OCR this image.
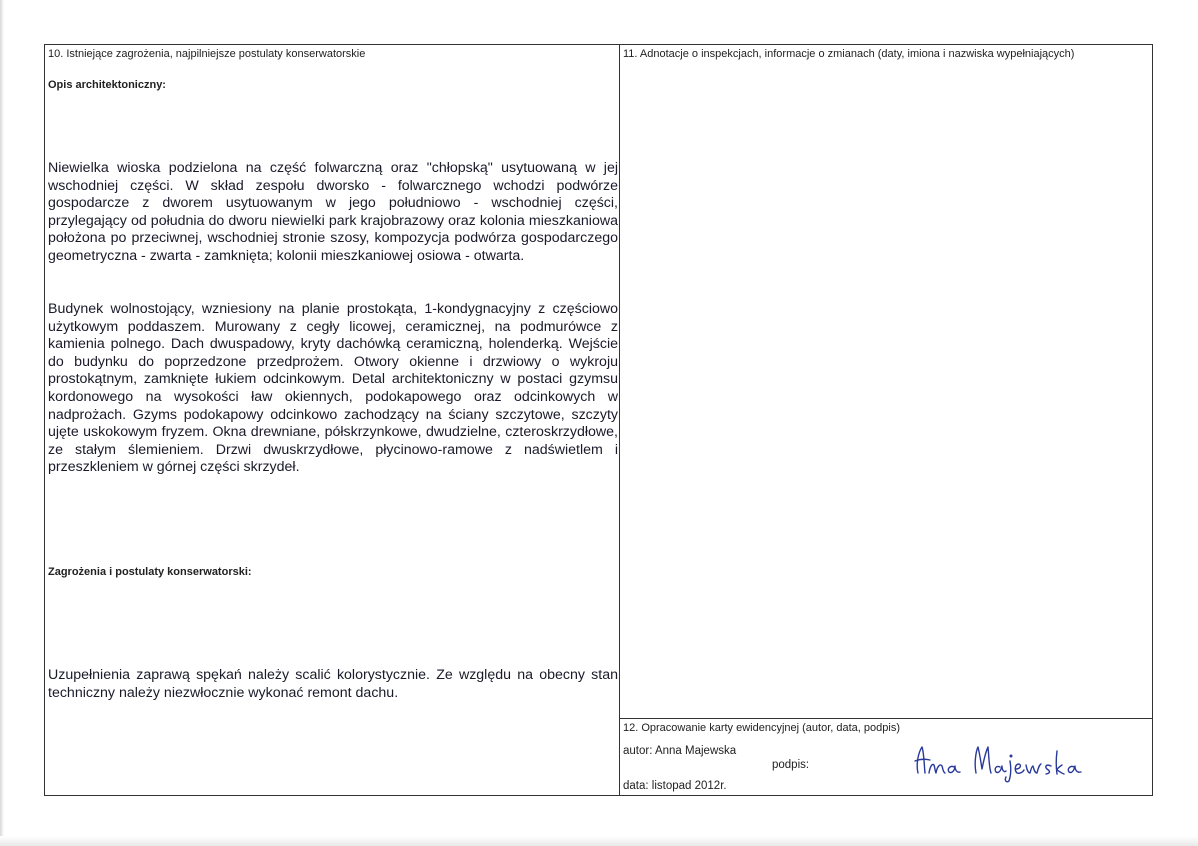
10. Istniejące zagrożenia, najpilniejsze postulaty konserwatorskie
Opis architektoniczny:
Niewielka wioska podzielona na część folwarczną oraz "chłopską" usytuowaną w jej wschodniej części. W skład zespołu dworsko - folwarcznego wchodzi podwórze gospodarcze z dworem usytuowanym w jego południowo - wschodniej części, przylegający od południa do dworu niewielki park krajobrazowy oraz kolonia mieszkaniowa położona po przeciwnej, wschodniej stronie szosy, kompozycja podwórza gospodarczego geometryczna - zwarta - zamknięta; kolonii mieszkaniowej osiowa - otwarta.
Budynek wolnostojący, wzniesiony na planie prostokąta, 1-kondygnacyjny z częściowo użytkowym poddaszem. Murowany z cegły licowej, ceramicznej, na podmurówce z kamienia polnego. Dach dwuspadowy, kryty dachówką ceramiczną, holenderką. Wejście do budynku do poprzedzone przedprożem. Otwory okienne i drzwiowy o wykroju prostokątnym, zamknięte łukiem odcinkowym. Detal architektoniczny w postaci gzymsu kordonowego na wysokości ław okiennych, podokapowego oraz odcinkowych w nadprożach. Gzyms podokapowy odcinkowo zachodzący na ściany szczytowe, szczyty ujęte uskokowym fryzem. Okna drewniane, półskrzynkowe, dwudzielne, czteroskrzydłowe, ze stałym ślemieniem. Drzwi dwuskrzydłowe, płycinowo-ramowe z nadświetlem i przeszkleniem w górnej części skrzydeł.
Zagrożenia i postulaty konserwatorski:
Uzupełnienia zaprawą spękań należy scalić kolorystycznie. Ze względu na obecny stan techniczny należy niezwłocznie wykonać remont dachu.
11. Adnotacje o inspekcjach, informacje o zmianach (daty, imiona i nazwiska wypełniających)
12. Opracowanie karty ewidencyjnej (autor, data, podpis)
autor: Anna Majewska
podpis:
data: listopad 2012r.
